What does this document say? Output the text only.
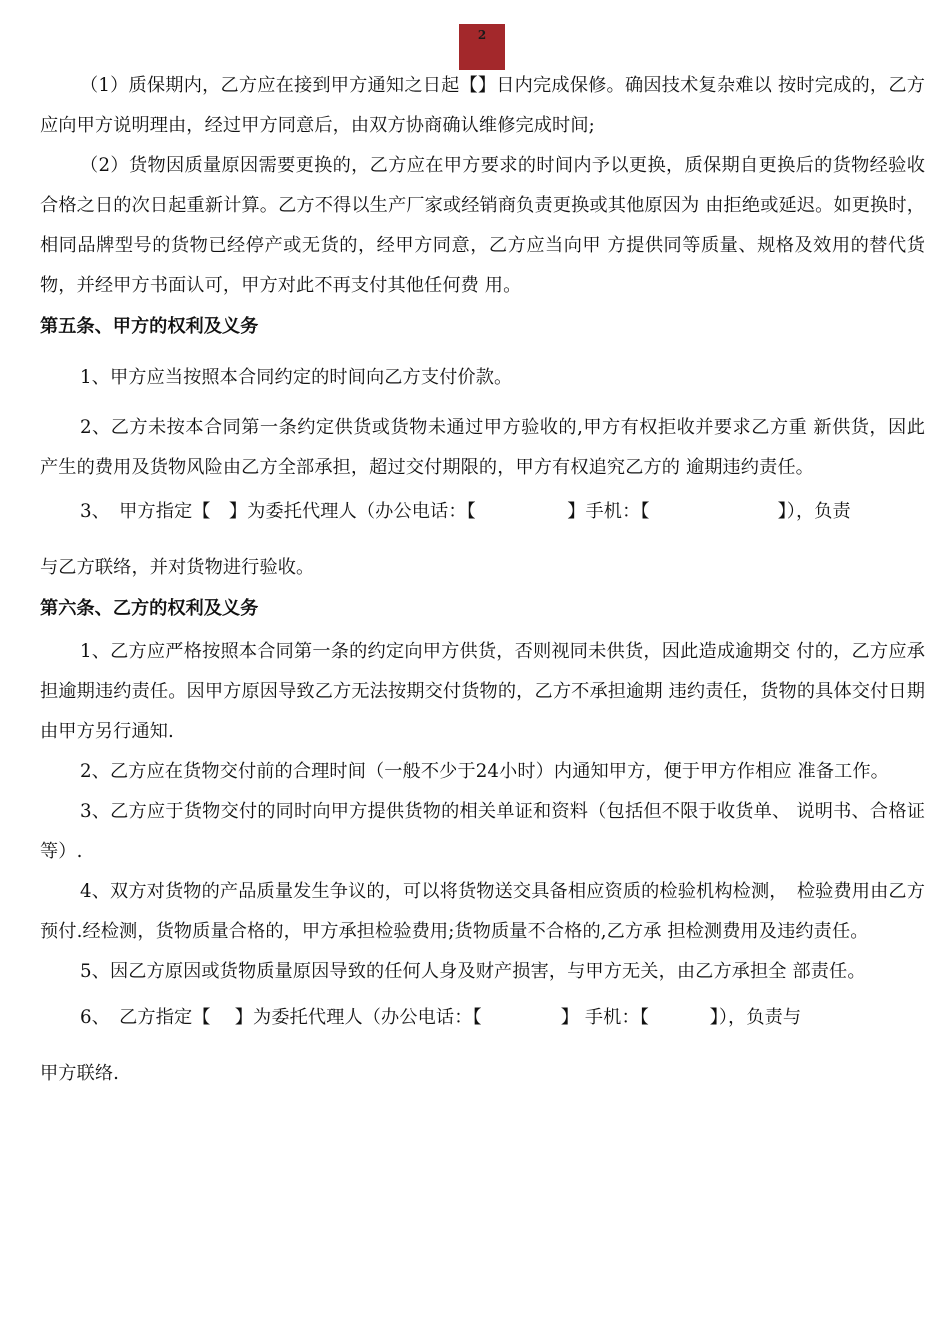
2

（1）质保期内，乙方应在接到甲方通知之日起【】日内完成保修。确因技术复杂难以 按时完成的，乙方应向甲方说明理由，经过甲方同意后，由双方协商确认维修完成时间;

（2）货物因质量原因需要更换的，乙方应在甲方要求的时间内予以更换，质保期自更换后的货物经验收合格之日的次日起重新计算。乙方不得以生产厂家或经销商负责更换或其他原因为 由拒绝或延迟。如更换时，相同品牌型号的货物已经停产或无货的，经甲方同意，乙方应当向甲 方提供同等质量、规格及效用的替代货物，并经甲方书面认可，甲方对此不再支付其他任何费 用。

第五条、甲方的权利及义务

1、甲方应当按照本合同约定的时间向乙方支付价款。

2、乙方未按本合同第一条约定供货或货物未通过甲方验收的,甲方有权拒收并要求乙方重 新供货，因此产生的费用及货物风险由乙方全部承担，超过交付期限的，甲方有权追究乙方的 逾期违约责任。

3、　甲方指定【　】为委托代理人（办公电话：【　　　　　】手机：【　　　　　　　】），负责

与乙方联络，并对货物进行验收。

第六条、乙方的权利及义务

1、乙方应严格按照本合同第一条的约定向甲方供货，否则视同未供货，因此造成逾期交 付的，乙方应承担逾期违约责任。因甲方原因导致乙方无法按期交付货物的，乙方不承担逾期 违约责任，货物的具体交付日期由甲方另行通知.

2、乙方应在货物交付前的合理时间（一般不少于24小时）内通知甲方，便于甲方作相应 准备工作。

3、乙方应于货物交付的同时向甲方提供货物的相关单证和资料（包括但不限于收货单、 说明书、合格证等）.

4、双方对货物的产品质量发生争议的，可以将货物送交具备相应资质的检验机构检测，　检验费用由乙方预付.经检测，货物质量合格的，甲方承担检验费用;货物质量不合格的,乙方承 担检测费用及违约责任。

5、因乙方原因或货物质量原因导致的任何人身及财产损害，与甲方无关，由乙方承担全 部责任。

6、　乙方指定【　 】为委托代理人（办公电话：【　　　　 】 手机：【　　　 】），负责与

甲方联络.
